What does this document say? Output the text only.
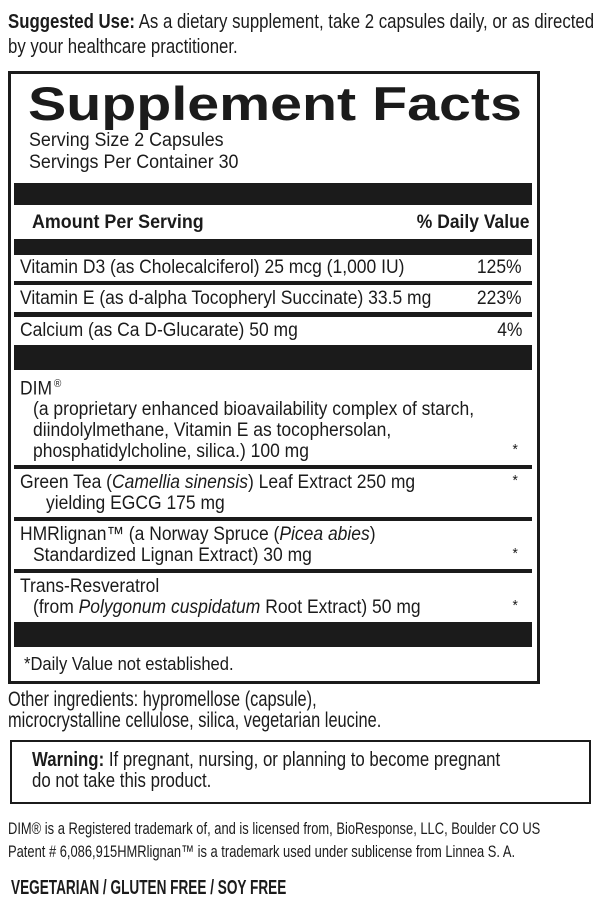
Suggested Use: As a dietary supplement, take 2 capsules daily, or as directed by your healthcare practitioner.
Supplement Facts
Serving Size 2 Capsules
Servings Per Container 30
Amount Per Serving	% Daily Value
Vitamin D3 (as Cholecalciferol) 25 mcg (1,000 IU)	125%
Vitamin E (as d-alpha Tocopheryl Succinate) 33.5 mg 223%
Calcium (as Ca D-Glucarate) 50 mg	4%
DIM ®
(a proprietary enhanced bioavailability complex of starch,
diindolylmethane, Vitamin E as tocophersolan,
phosphatidylcholine, silica.) 100 mg	*
Green Tea (Camellia sinensis) Leaf Extract 250 mg	*
yielding EGCG 175 mg
HMRlignan™ (a Norway Spruce (Picea abies)
Standardized Lignan Extract) 30 mg	*
Trans-Resveratrol
(from Polygonum cuspidatum Root Extract) 50 mg	*
*Daily Value not established.
Other ingredients: hypromellose (capsule),
microcrystalline cellulose, silica, vegetarian leucine.
Warning: If pregnant, nursing, or planning to become pregnant
do not take this product.
DIM® is a Registered trademark of, and is licensed from, BioResponse, LLC, Boulder CO US
Patent # 6,086,915HMRlignan™ is a trademark used under sublicense from Linnea S. A.
VEGETARIAN / GLUTEN FREE / SOY FREE
